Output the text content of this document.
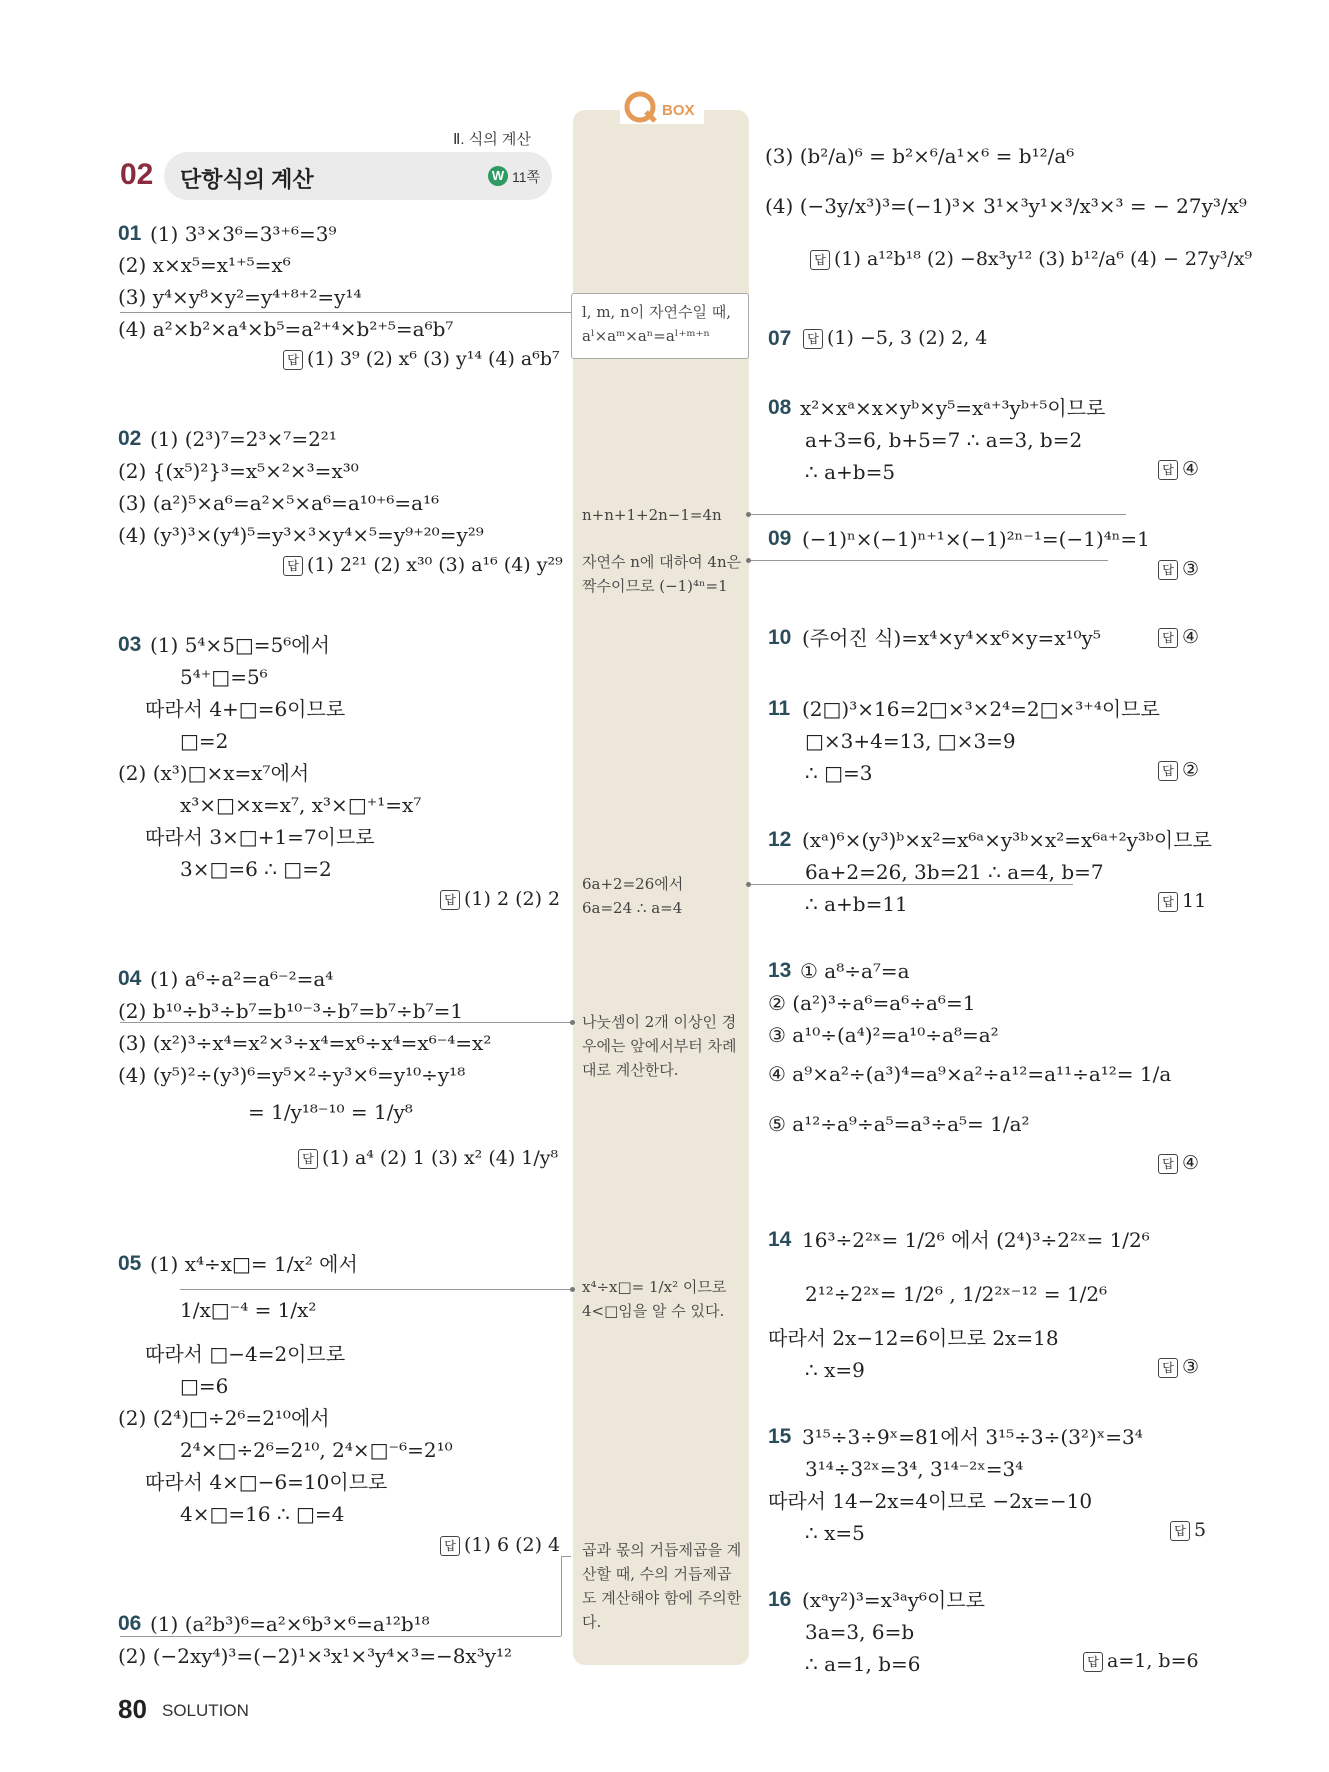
Ⅱ. 식의 계산
02 단항식의 계산	W 11쪽
BOX
l, m, n이 자연수일 때, aˡ×aᵐ×aⁿ=aˡ⁺ᵐ⁺ⁿ
n+n+1+2n−1=4n
자연수 n에 대하여 4n은 짝수이므로 (−1)⁴ⁿ=1
6a+2=26에서 6a=24 ∴ a=4
나눗셈이 2개 이상인 경우에는 앞에서부터 차례대로 계산한다.
x⁴÷x□= 1/x² 이므로 4<□임을 알 수 있다.
곱과 몫의 거듭제곱을 계산할 때, 수의 거듭제곱도 계산해야 함에 주의한다.
01 (1) 3³×3⁶=3³⁺⁶=3⁹
(2) x×x⁵=x¹⁺⁵=x⁶
(3) y⁴×y⁸×y²=y⁴⁺⁸⁺²=y¹⁴
(4) a²×b²×a⁴×b⁵=a²⁺⁴×b²⁺⁵=a⁶b⁷
답 (1) 3⁹ (2) x⁶ (3) y¹⁴ (4) a⁶b⁷
02 (1) (2³)⁷=2³×⁷=2²¹
(2) {(x⁵)²}³=x⁵×²×³=x³⁰
(3) (a²)⁵×a⁶=a²×⁵×a⁶=a¹⁰⁺⁶=a¹⁶
(4) (y³)³×(y⁴)⁵=y³×³×y⁴×⁵=y⁹⁺²⁰=y²⁹
답 (1) 2²¹ (2) x³⁰ (3) a¹⁶ (4) y²⁹
03 (1) 5⁴×5□=5⁶에서
5⁴⁺□=5⁶
따라서 4+□=6이므로
□=2
(2) (x³)□×x=x⁷에서
x³×□×x=x⁷, x³×□⁺¹=x⁷
따라서 3×□+1=7이므로
3×□=6 ∴ □=2
답 (1) 2 (2) 2
04 (1) a⁶÷a²=a⁶⁻²=a⁴
(2) b¹⁰÷b³÷b⁷=b¹⁰⁻³÷b⁷=b⁷÷b⁷=1
(3) (x²)³÷x⁴=x²×³÷x⁴=x⁶÷x⁴=x⁶⁻⁴=x²
(4) (y⁵)²÷(y³)⁶=y⁵×²÷y³×⁶=y¹⁰÷y¹⁸
= 1/y¹⁸⁻¹⁰ = 1/y⁸
답 (1) a⁴ (2) 1 (3) x² (4) 1/y⁸
05 (1) x⁴÷x□= 1/x² 에서
1/x□⁻⁴ = 1/x²
따라서 □−4=2이므로
□=6
(2) (2⁴)□÷2⁶=2¹⁰에서
2⁴×□÷2⁶=2¹⁰, 2⁴×□⁻⁶=2¹⁰
따라서 4×□−6=10이므로
4×□=16 ∴ □=4
답 (1) 6 (2) 4
06 (1) (a²b³)⁶=a²×⁶b³×⁶=a¹²b¹⁸
(2) (−2xy⁴)³=(−2)¹×³x¹×³y⁴×³=−8x³y¹²
80 SOLUTION
(3) (b²/a)⁶ = b²×⁶/a¹×⁶ = b¹²/a⁶
(4) (−3y/x³)³=(−1)³× 3¹×³y¹×³/x³×³ = − 27y³/x⁹
답 (1) a¹²b¹⁸ (2) −8x³y¹² (3) b¹²/a⁶ (4) − 27y³/x⁹
07	답 (1) −5, 3 (2) 2, 4
08 x²×xᵃ×x×yᵇ×y⁵=xᵃ⁺³yᵇ⁺⁵이므로
a+3=6, b+5=7 ∴ a=3, b=2
∴ a+b=5	답 ④
09 (−1)ⁿ×(−1)ⁿ⁺¹×(−1)²ⁿ⁻¹=(−1)⁴ⁿ=1
답 ③
10 (주어진 식)=x⁴×y⁴×x⁶×y=x¹⁰y⁵	답 ④
11 (2□)³×16=2□×³×2⁴=2□×³⁺⁴이므로
□×3+4=13, □×3=9
∴ □=3	답 ②
12 (xᵃ)⁶×(y³)ᵇ×x²=x⁶ᵃ×y³ᵇ×x²=x⁶ᵃ⁺²y³ᵇ이므로
6a+2=26, 3b=21 ∴ a=4, b=7
∴ a+b=11	답 11
13 ① a⁸÷a⁷=a
② (a²)³÷a⁶=a⁶÷a⁶=1
③ a¹⁰÷(a⁴)²=a¹⁰÷a⁸=a²
④ a⁹×a²÷(a³)⁴=a⁹×a²÷a¹²=a¹¹÷a¹²= 1/a
⑤ a¹²÷a⁹÷a⁵=a³÷a⁵= 1/a²
답 ④
14 16³÷2²ˣ= 1/2⁶ 에서 (2⁴)³÷2²ˣ= 1/2⁶
2¹²÷2²ˣ= 1/2⁶ , 1/2²ˣ⁻¹² = 1/2⁶
따라서 2x−12=6이므로 2x=18
∴ x=9	답 ③
15 3¹⁵÷3÷9ˣ=81에서 3¹⁵÷3÷(3²)ˣ=3⁴
3¹⁴÷3²ˣ=3⁴, 3¹⁴⁻²ˣ=3⁴
따라서 14−2x=4이므로 −2x=−10
∴ x=5	답 5
16 (xᵃy²)³=x³ᵃy⁶이므로
3a=3, 6=b
∴ a=1, b=6	답 a=1, b=6
